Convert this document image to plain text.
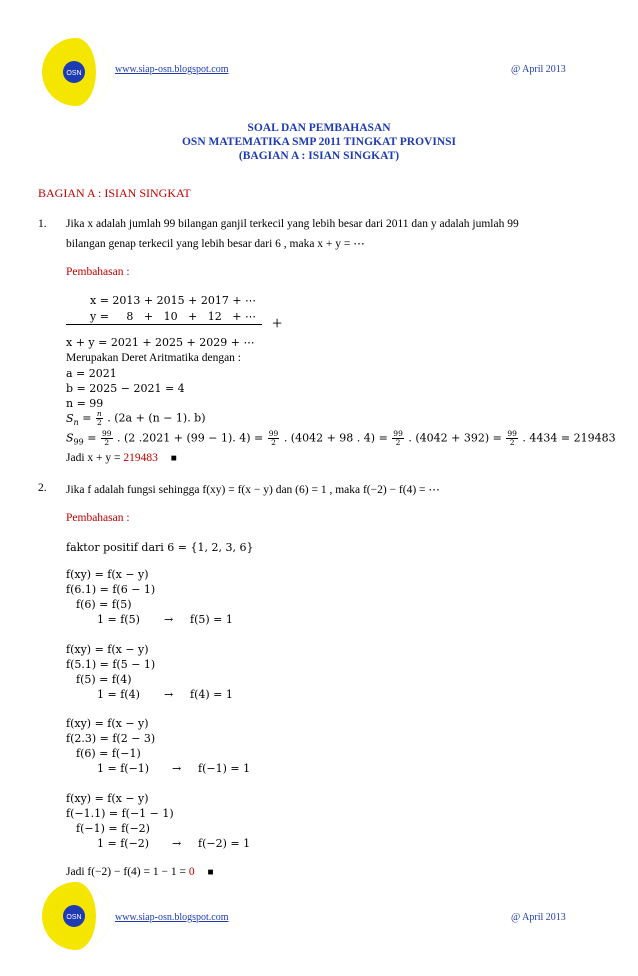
OSN	www.siap-osn.blogspot.com	@ April 2013
SOAL DAN PEMBAHASAN
OSN MATEMATIKA SMP 2011 TINGKAT PROVINSI
(BAGIAN A : ISIAN SINGKAT)
BAGIAN A : ISIAN SINGKAT
1. Jika x adalah jumlah 99 bilangan ganjil terkecil yang lebih besar dari 2011 dan y adalah jumlah 99
bilangan genap terkecil yang lebih besar dari 6 , maka x + y = ⋯
Pembahasan :
x = 2013 + 2015 + 2017 + ⋯
y =     8   +   10   +   12   + ⋯ +
x + y = 2021 + 2025 + 2029 + ⋯
Merupakan Deret Aritmatika dengan :
a = 2021
b = 2025 − 2021 = 4
n = 99
$S_n = \frac{n}{2}$ . (2a + (n − 1). b)
$S_{99} = \frac{99}{2}$ . (2 .2021 + (99 − 1). $4) = \frac{99}{2}$ . (4042 + 98 . $4) = \frac{99}{2}$ . $(4042 + 392) = \frac{99}{2}$ . 4434 = 219483
Jadi x + y = 219483 ■
2. Jika f adalah fungsi sehingga f(xy) = f(x − y) dan (6) = 1 , maka f(−2) − f(4) = ⋯
Pembahasan :
faktor positif dari 6 = {1, 2, 3, 6}
f(xy) = f(x − y)
f(6.1) = f(6 − 1)
f(6) = f(5)
1 = f(5) → f(5) = 1
f(xy) = f(x − y)
f(5.1) = f(5 − 1)
f(5) = f(4)
1 = f(4) → f(4) = 1
f(xy) = f(x − y)
f(2.3) = f(2 − 3)
f(6) = f(−1)
1 = f(−1) → f(−1) = 1
f(xy) = f(x − y)
f(−1.1) = f(−1 − 1)
f(−1) = f(−2)
1 = f(−2) → f(−2) = 1
Jadi f(−2) − f(4) = 1 − 1 = 0 ■
OSN	www.siap-osn.blogspot.com	@ April 2013
